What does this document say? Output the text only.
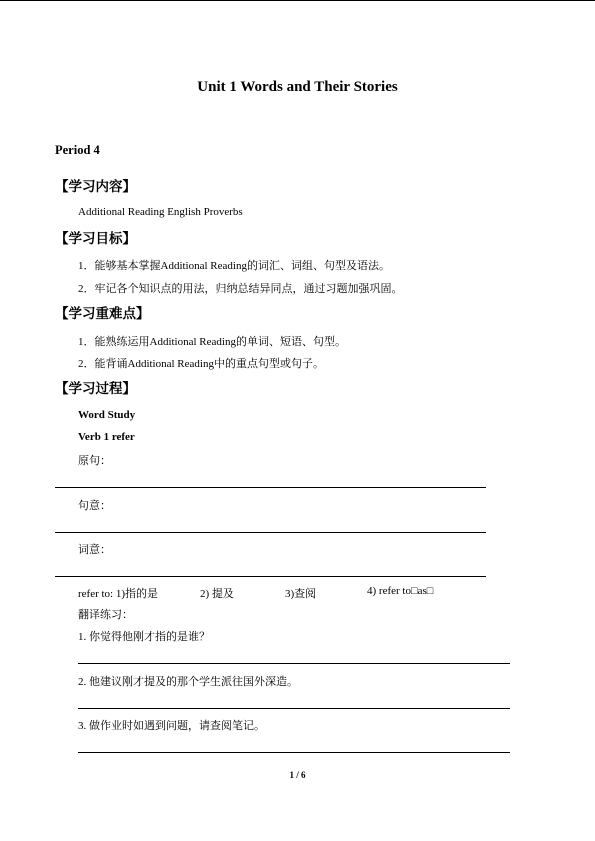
Unit 1 Words and Their Stories
Period 4
【学习内容】
Additional Reading English Proverbs
【学习目标】
1．能够基本掌握Additional Reading的词汇、词组、句型及语法。
2．牢记各个知识点的用法，归纳总结异同点，通过习题加强巩固。
【学习重难点】
1．能熟练运用Additional Reading的单词、短语、句型。
2．能背诵Additional Reading中的重点句型或句子。
【学习过程】
Word Study
Verb 1 refer
原句：
句意：
词意：
refer to: 1)指的是	2) 提及	3)查阅	4) refer to□as□
翻译练习：
1. 你觉得他刚才指的是谁？
2. 他建议刚才提及的那个学生派往国外深造。
3. 做作业时如遇到问题，请查阅笔记。
1 / 6
